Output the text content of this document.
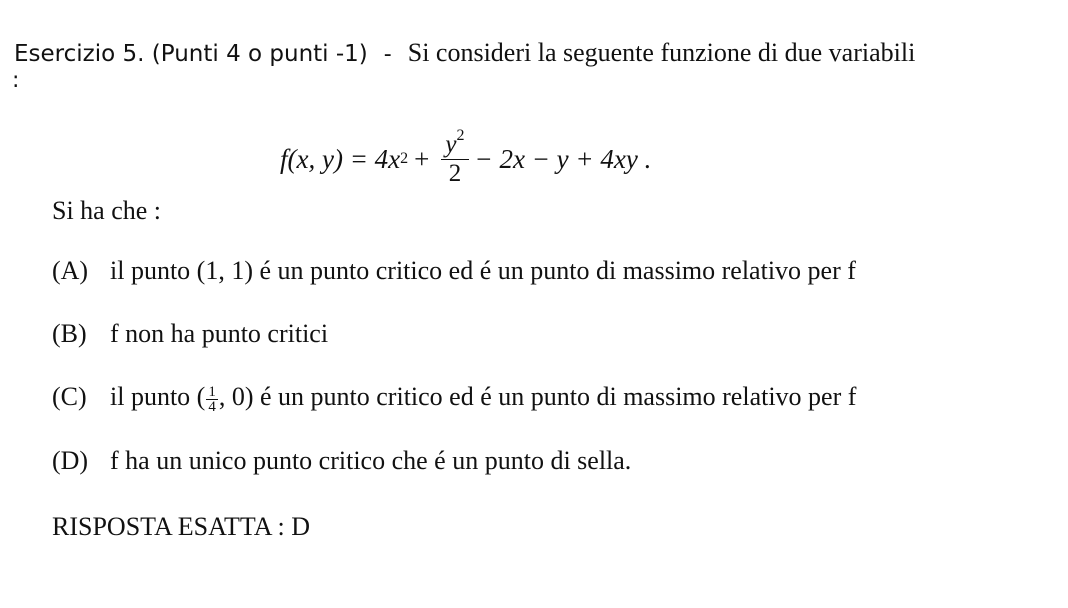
Esercizio 5. (Punti 4 o punti -1) - Si consideri la seguente funzione di due variabili
:
f(x, y) = 4x $2 + \frac{y^2}{2} - 2x - y + 4xy$ .
Si ha che :
(A) il punto (1, 1) é un punto critico ed é un punto di massimo relativo per f
(B) f non ha punto critici
(C) il punto ( $\frac{1}{4}$ , 0) é un punto critico ed é un punto di massimo relativo per f
(D) f ha un unico punto critico che é un punto di sella.
RISPOSTA ESATTA : D
